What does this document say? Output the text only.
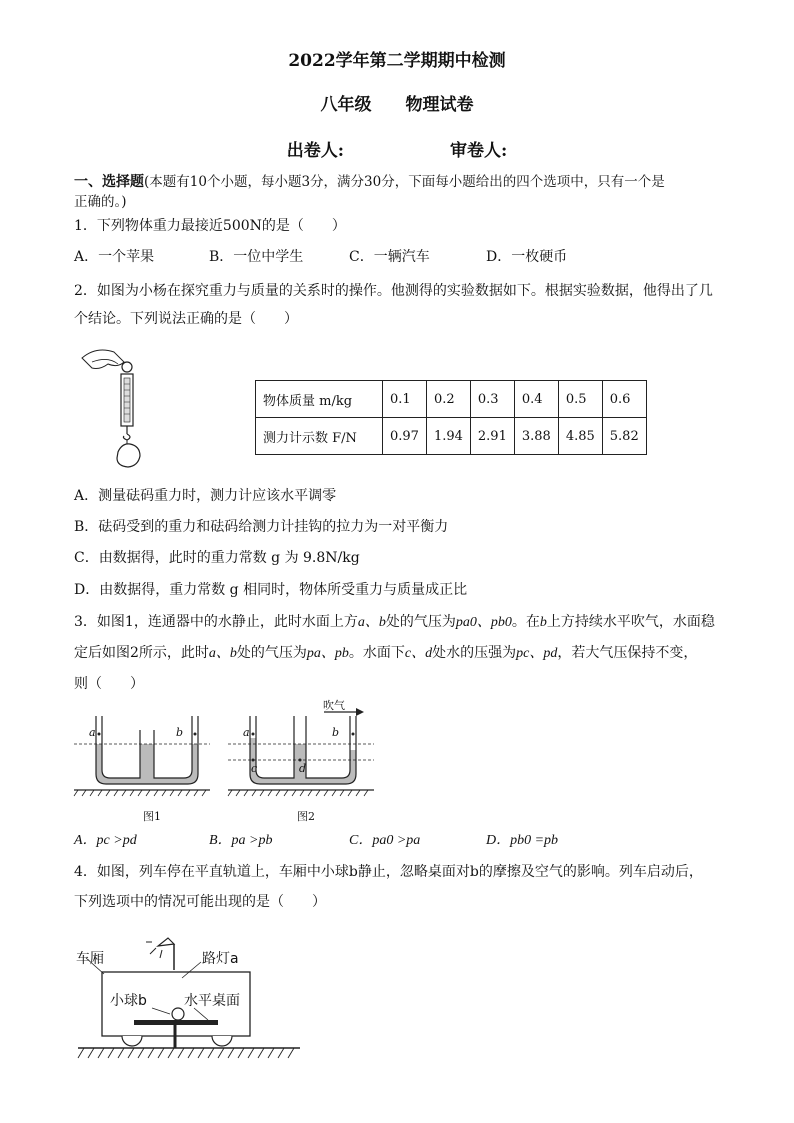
2022学年第二学期期中检测
八年级 物理试卷
出卷人:	审卷人:
一、选择题(本题有10个小题，每小题3分，满分30分，下面每小题给出的四个选项中，只有一个是
正确的。)
1．下列物体重力最接近500N的是（　　）
A．一个苹果	B．一位中学生	C．一辆汽车	D．一枚硬币
2．如图为小杨在探究重力与质量的关系时的操作。他测得的实验数据如下。根据实验数据，他得出了几
个结论。下列说法正确的是（　　）
物体质量 m/kg	0.1	0.2	0.3	0.4	0.5	0.6
测力计示数 F/N	0.97	1.94	2.91	3.88	4.85	5.82
A．测量砝码重力时，测力计应该水平调零
B．砝码受到的重力和砝码给测力计挂钩的拉力为一对平衡力
C．由数据得，此时的重力常数 g 为 9.8N/kg
D．由数据得，重力常数 g 相同时，物体所受重力与质量成正比
3．如图1，连通器中的水静止，此时水面上方a、b处的气压为pa0、pb0。在b上方持续水平吹气，水面稳
定后如图2所示，此时a、b处的气压为pa、pb。水面下c、d处水的压强为pc、pd，若大气压保持不变，
则（　　）
a	b
图1
吹气
a	b
c	d
图2
A．pc >pd	B．pa >pb	C．pa0 >pa	D．pb0 =pb
4．如图，列车停在平直轨道上，车厢中小球b静止，忽略桌面对b的摩擦及空气的影响。列车启动后，
下列选项中的情况可能出现的是（　　）
车厢	路灯a
小球b	水平桌面
